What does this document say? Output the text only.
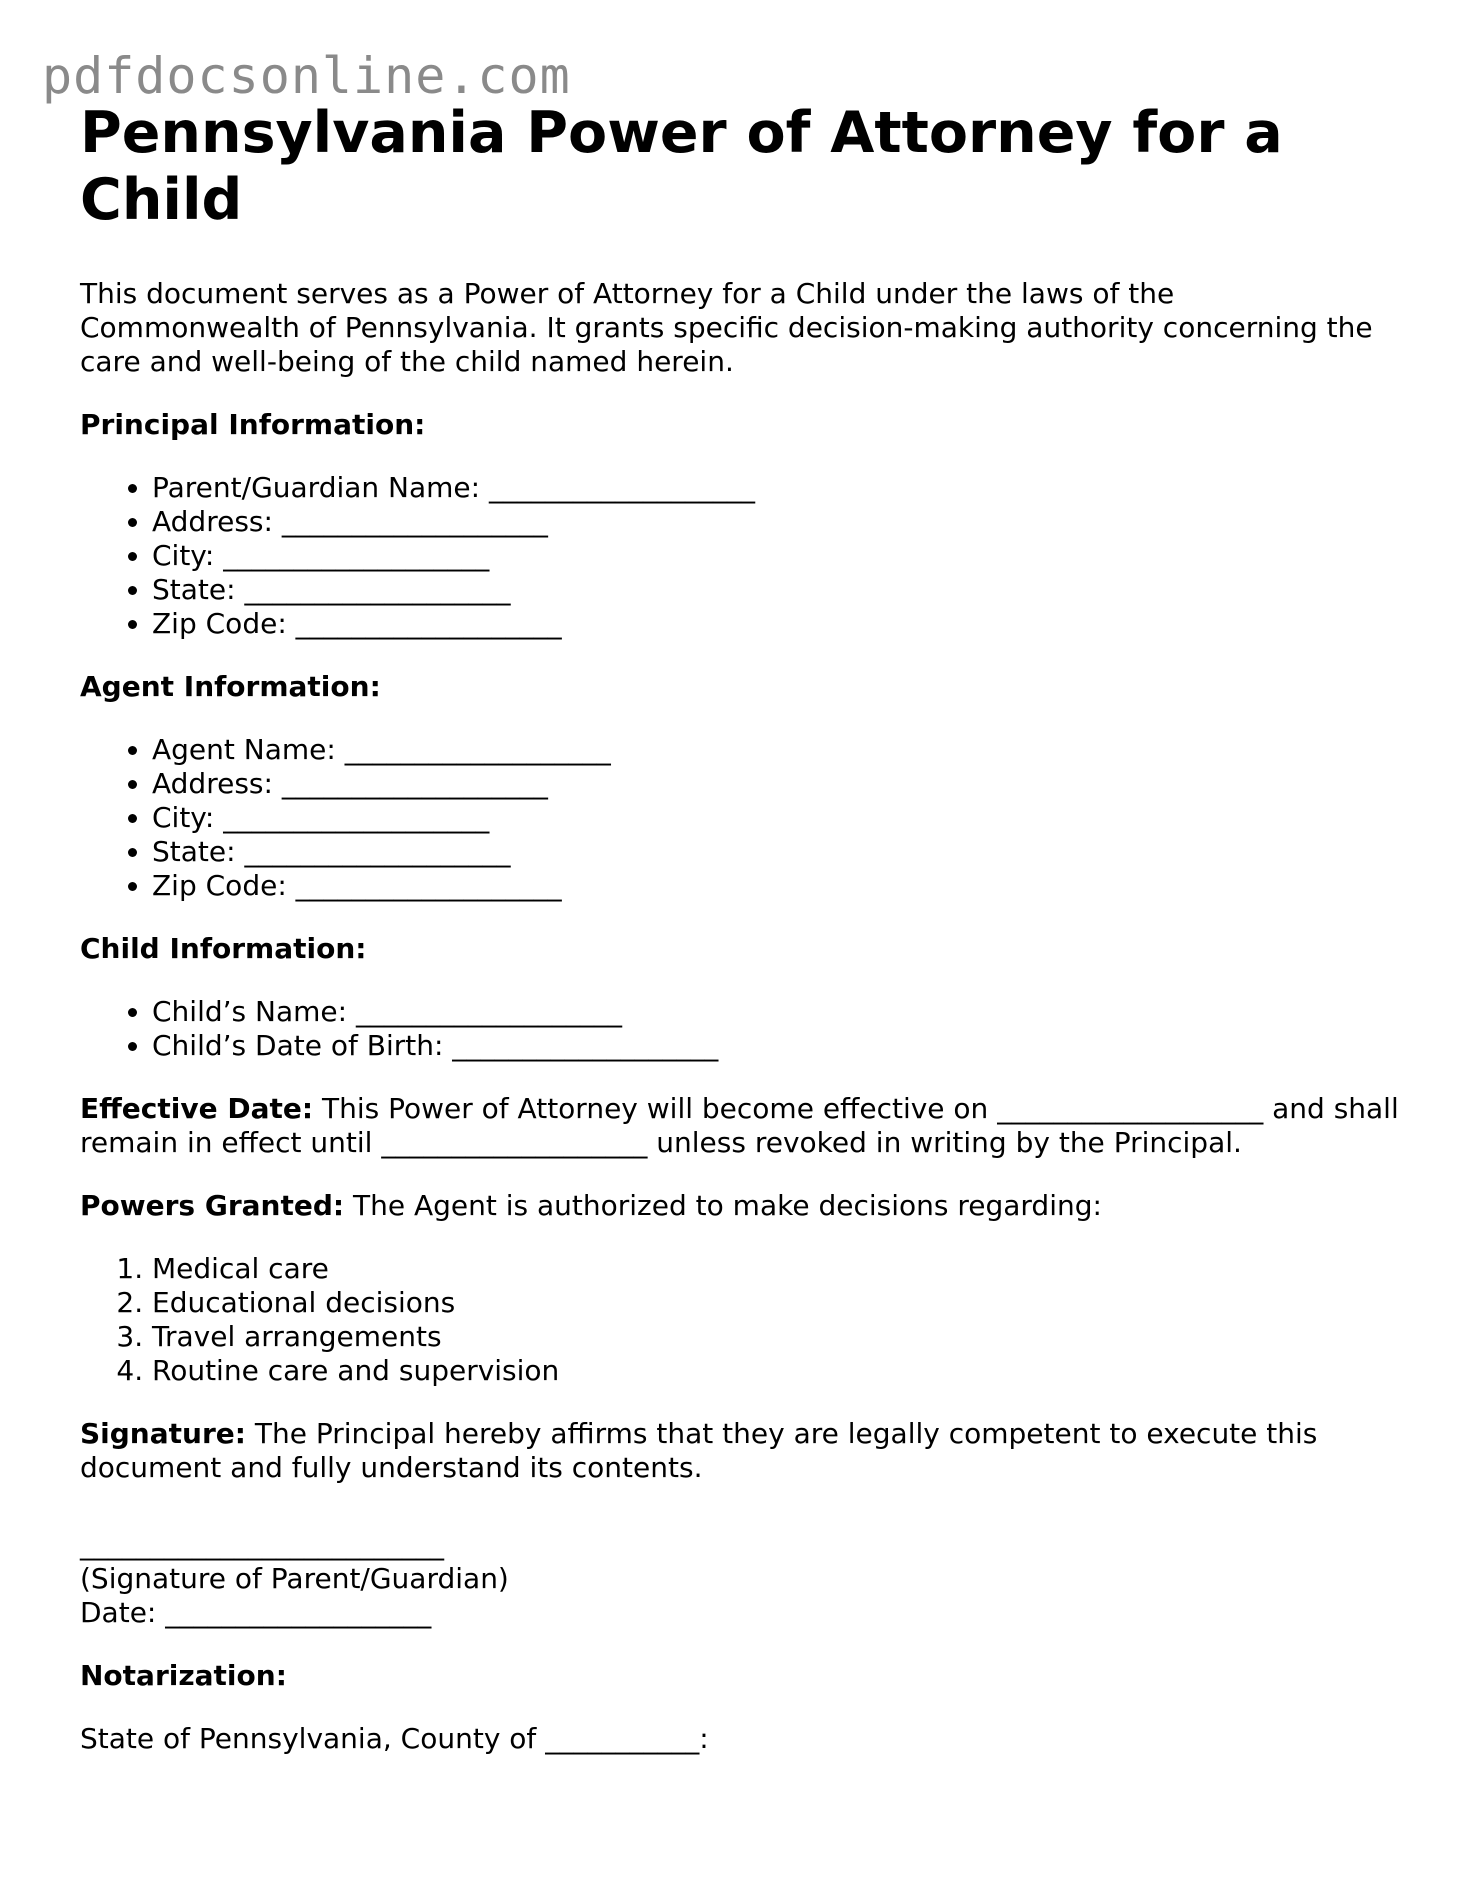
pdfdocsonline.com
Pennsylvania Power of Attorney for a Child

This document serves as a Power of Attorney for a Child under the laws of the Commonwealth of Pennsylvania. It grants specific decision-making authority concerning the care and well-being of the child named herein.

Principal Information:
• Parent/Guardian Name: ___________________
• Address: ___________________
• City: ___________________
• State: ___________________
• Zip Code: ___________________
Agent Information:
• Agent Name: ___________________
• Address: ___________________
• City: ___________________
• State: ___________________
• Zip Code: ___________________
Child Information:
• Child’s Name: ___________________
• Child’s Date of Birth: ___________________

Effective Date: This Power of Attorney will become effective on ___________________ and shall remain in effect until ___________________ unless revoked in writing by the Principal.

Powers Granted: The Agent is authorized to make decisions regarding:

1. Medical care
2. Educational decisions
3. Travel arrangements
4. Routine care and supervision

Signature: The Principal hereby affirms that they are legally competent to execute this document and fully understand its contents.

__________________________

(Signature of Parent/Guardian)

Date: ___________________

Notarization:

State of Pennsylvania, County of ___________:
